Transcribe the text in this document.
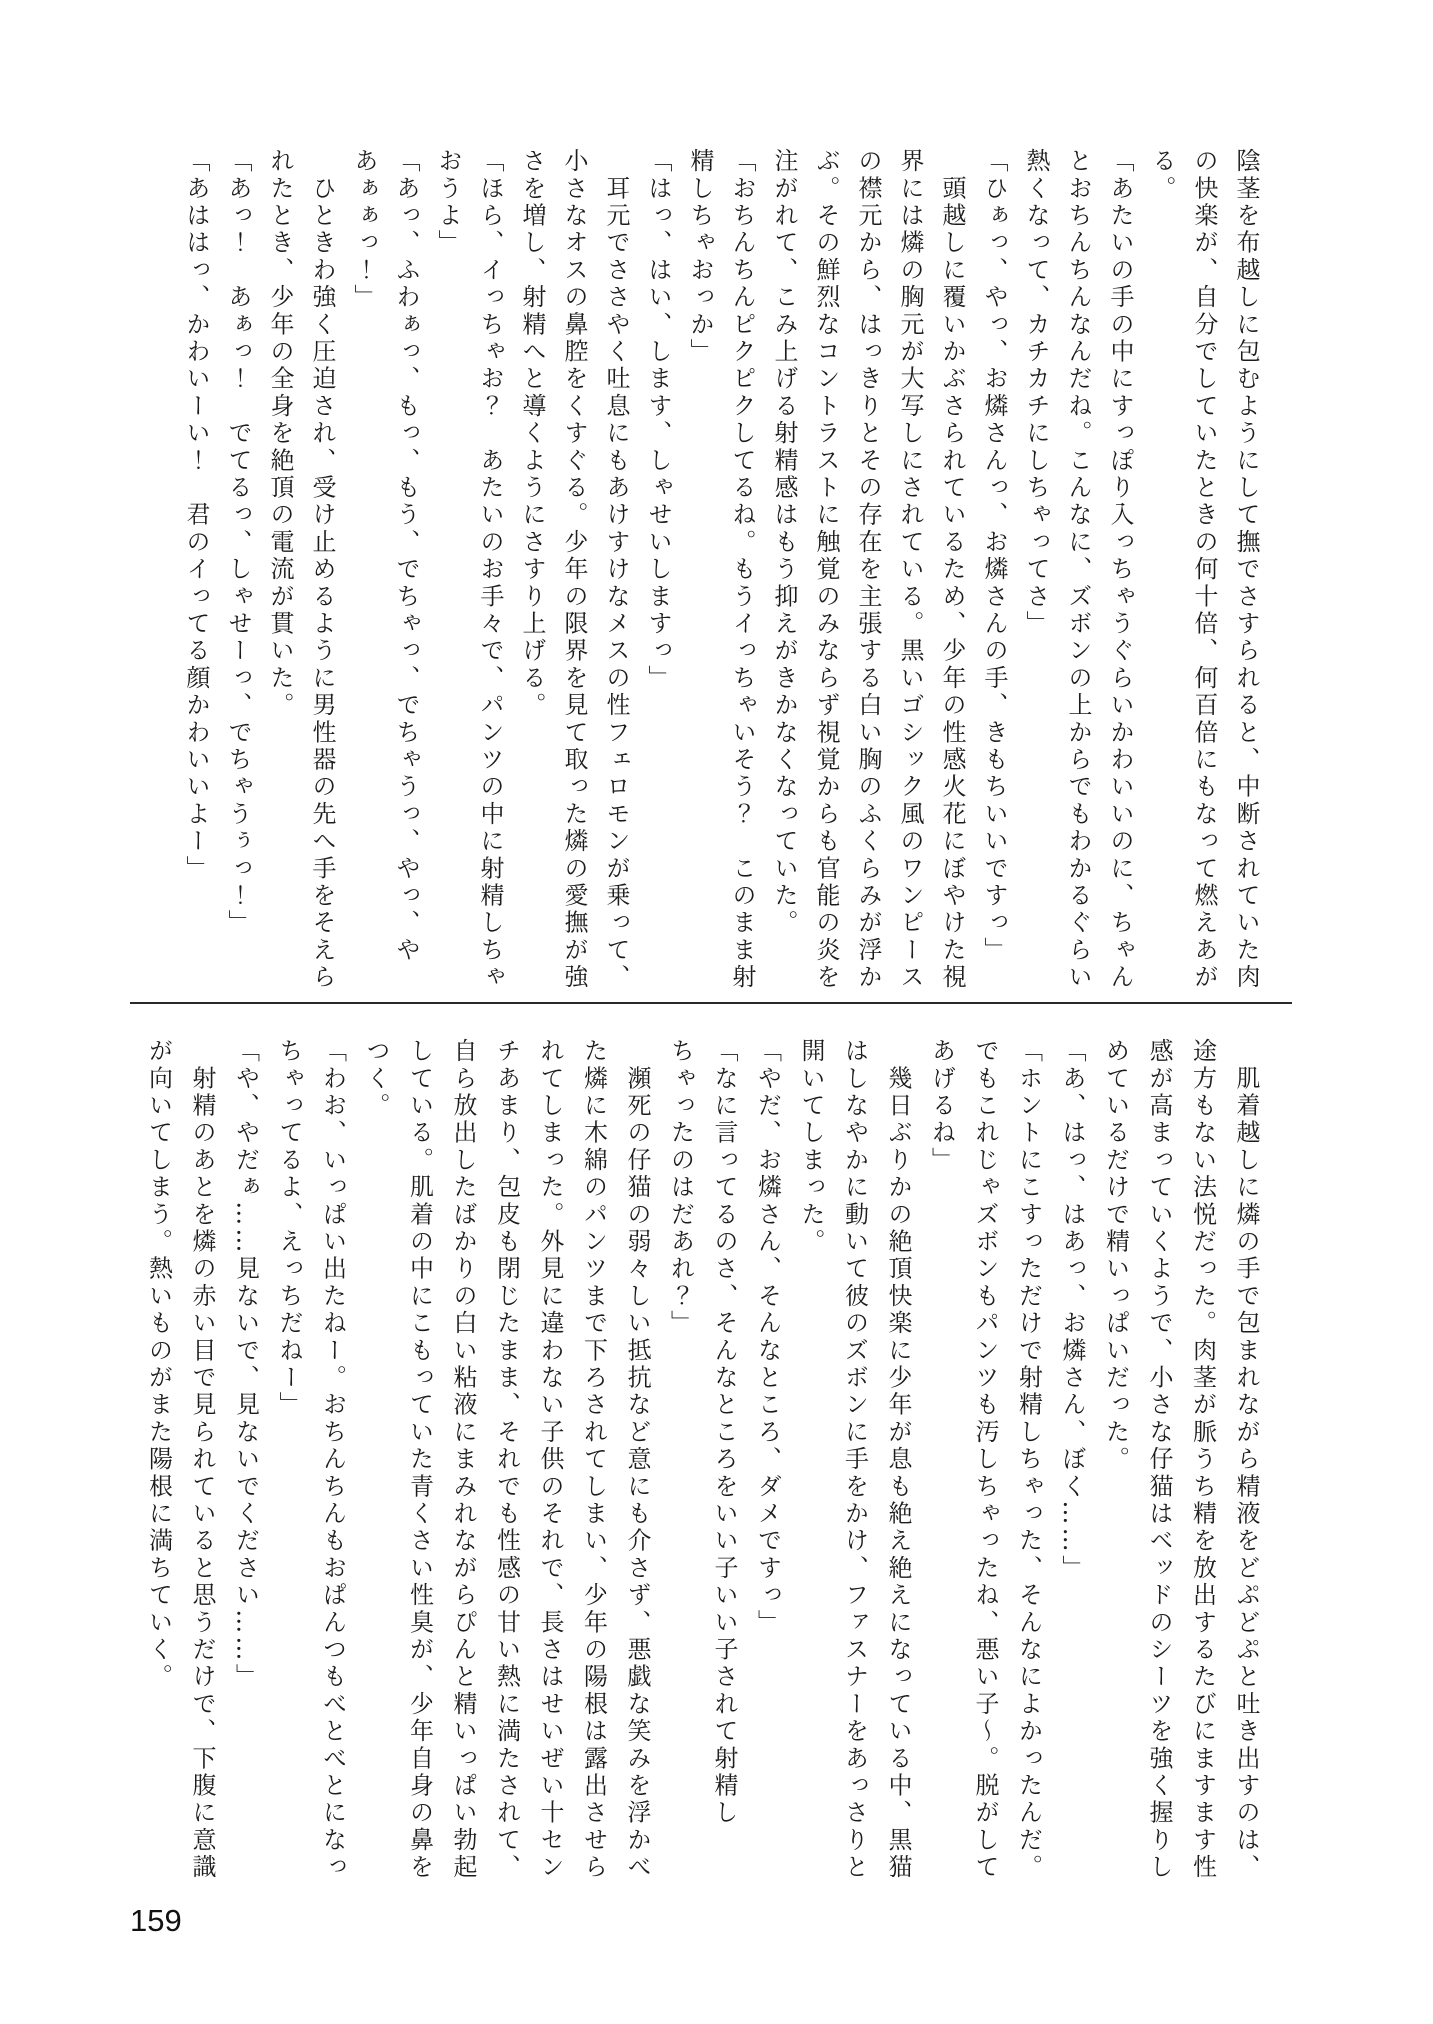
陰茎を布越しに包むようにして撫でさすられると、中断されていた肉

の快楽が、自分でしていたときの何十倍、何百倍にもなって燃えあが

る。

「あたいの手の中にすっぽり入っちゃうぐらいかわいいのに、ちゃん

とおちんちんなんだね。こんなに、ズボンの上からでもわかるぐらい

熱くなって、カチカチにしちゃってさ」

「ひぁっ、やっ、お燐さんっ、お燐さんの手、きもちいいですっ」

　頭越しに覆いかぶさられているため、少年の性感火花にぼやけた視

界には燐の胸元が大写しにされている。黒いゴシック風のワンピース

の襟元から、はっきりとその存在を主張する白い胸のふくらみが浮か

ぶ。その鮮烈なコントラストに触覚のみならず視覚からも官能の炎を

注がれて、こみ上げる射精感はもう抑えがきかなくなっていた。

「おちんちんピクピクしてるね。もうイっちゃいそう？　このまま射

精しちゃおっか」

「はっ、はい、します、しゃせいしますっ」

　耳元でささやく吐息にもあけすけなメスの性フェロモンが乗って、

小さなオスの鼻腔をくすぐる。少年の限界を見て取った燐の愛撫が強

さを増し、射精へと導くようにさすり上げる。

「ほら、イっちゃお？　あたいのお手々で、パンツの中に射精しちゃ

おうよ」

「あっ、ふわぁっ、もっ、もう、でちゃっ、でちゃうっ、やっ、や

あぁぁっ！」

　ひときわ強く圧迫され、受け止めるように男性器の先へ手をそえら

れたとき、少年の全身を絶頂の電流が貫いた。

「あっ！　あぁっ！　でてるっ、しゃせーっ、でちゃうぅっ！」

「あははっ、かわいーい！　君のイってる顔かわいいよー」

　肌着越しに燐の手で包まれながら精液をどぷどぷと吐き出すのは、

途方もない法悦だった。肉茎が脈うち精を放出するたびにますます性

感が高まっていくようで、小さな仔猫はベッドのシーツを強く握りし

めているだけで精いっぱいだった。

「あ、はっ、はあっ、お燐さん、ぼく……」

「ホントにこすっただけで射精しちゃった、そんなによかったんだ。

でもこれじゃズボンもパンツも汚しちゃったね、悪い子～。脱がして

あげるね」

　幾日ぶりかの絶頂快楽に少年が息も絶え絶えになっている中、黒猫

はしなやかに動いて彼のズボンに手をかけ、ファスナーをあっさりと

開いてしまった。

「やだ、お燐さん、そんなところ、ダメですっ」

「なに言ってるのさ、そんなところをいい子いい子されて射精し

ちゃったのはだあれ？」

　瀕死の仔猫の弱々しい抵抗など意にも介さず、悪戯な笑みを浮かべ

た燐に木綿のパンツまで下ろされてしまい、少年の陽根は露出させら

れてしまった。外見に違わない子供のそれで、長さはせいぜい十セン

チあまり、包皮も閉じたまま、それでも性感の甘い熱に満たされて、

自ら放出したばかりの白い粘液にまみれながらぴんと精いっぱい勃起

している。肌着の中にこもっていた青くさい性臭が、少年自身の鼻を

つく。

「わお、いっぱい出たねー。おちんちんもおぱんつもべとべとになっ

ちゃってるよ、えっちだねー」

「や、やだぁ……見ないで、見ないでください……」

　射精のあとを燐の赤い目で見られていると思うだけで、下腹に意識

が向いてしまう。熱いものがまた陽根に満ちていく。

159
